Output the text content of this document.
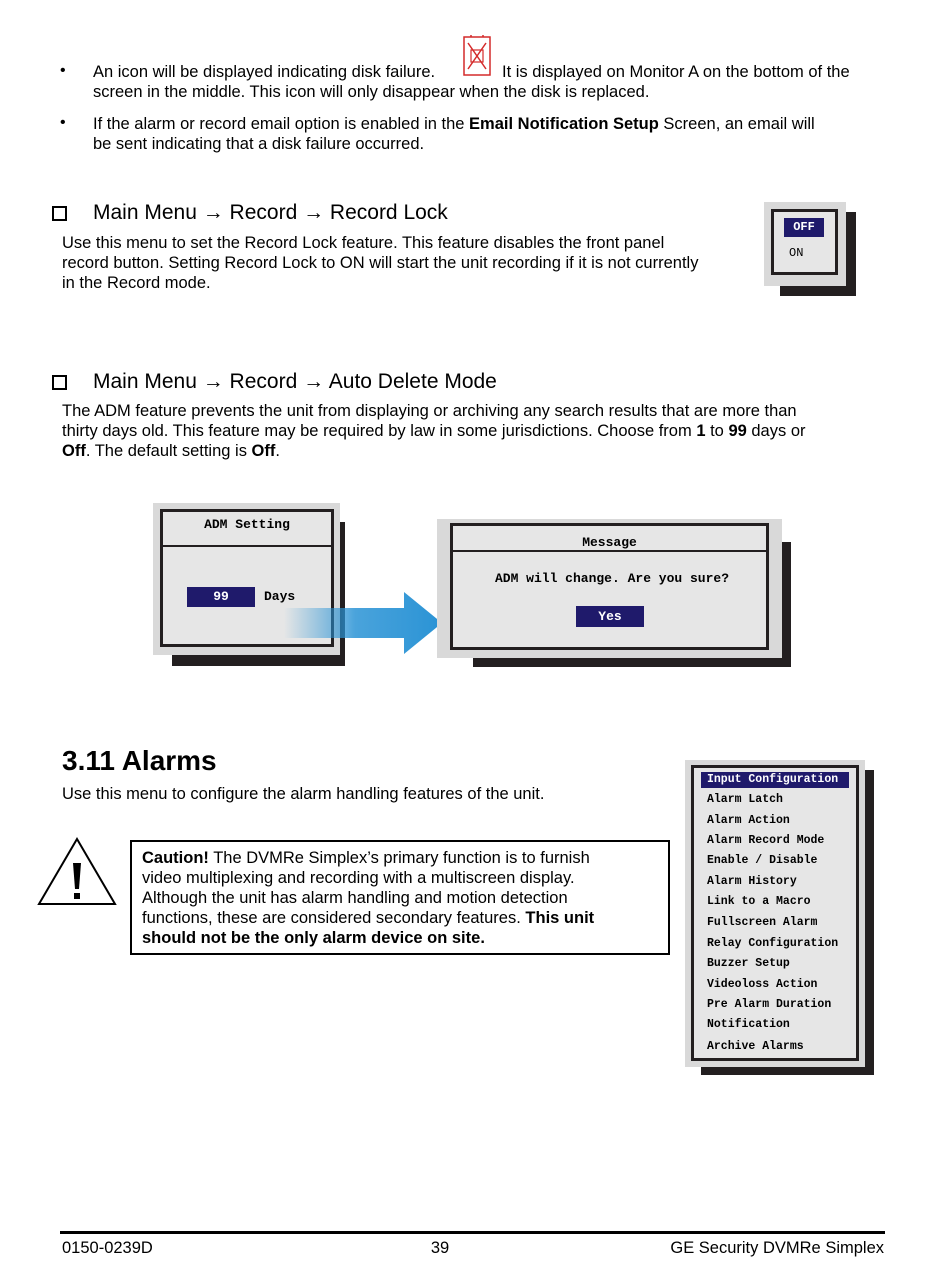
• An icon will be displayed indicating disk failure.	It is displayed on Monitor A on the bottom of the
screen in the middle. This icon will only disappear when the disk is replaced.
• If the alarm or record email option is enabled in the Email Notification Setup Screen, an email will
be sent indicating that a disk failure occurred.
Main Menu → Record → Record Lock
Use this menu to set the Record Lock feature. This feature disables the front panel
record button. Setting Record Lock to ON will start the unit recording if it is not currently
in the Record mode.
OFF
ON
Main Menu → Record → Auto Delete Mode
The ADM feature prevents the unit from displaying or archiving any search results that are more than
thirty days old. This feature may be required by law in some jurisdictions. Choose from 1 to 99 days or
Off. The default setting is Off.
ADM Setting
99	Days
Message
ADM will change. Are you sure?
Yes
3.11 Alarms
Use this menu to configure the alarm handling features of the unit.
Caution! The DVMRe Simplex’s primary function is to furnish
video multiplexing and recording with a multiscreen display.
Although the unit has alarm handling and motion detection
functions, these are considered secondary features. This unit
should not be the only alarm device on site.
Input Configuration
Alarm Latch
Alarm Action
Alarm Record Mode
Enable / Disable
Alarm History
Link to a Macro
Fullscreen Alarm
Relay Configuration
Buzzer Setup
Videoloss Action
Pre Alarm Duration
Notification
Archive Alarms
0150-0239D	39	GE Security DVMRe Simplex
